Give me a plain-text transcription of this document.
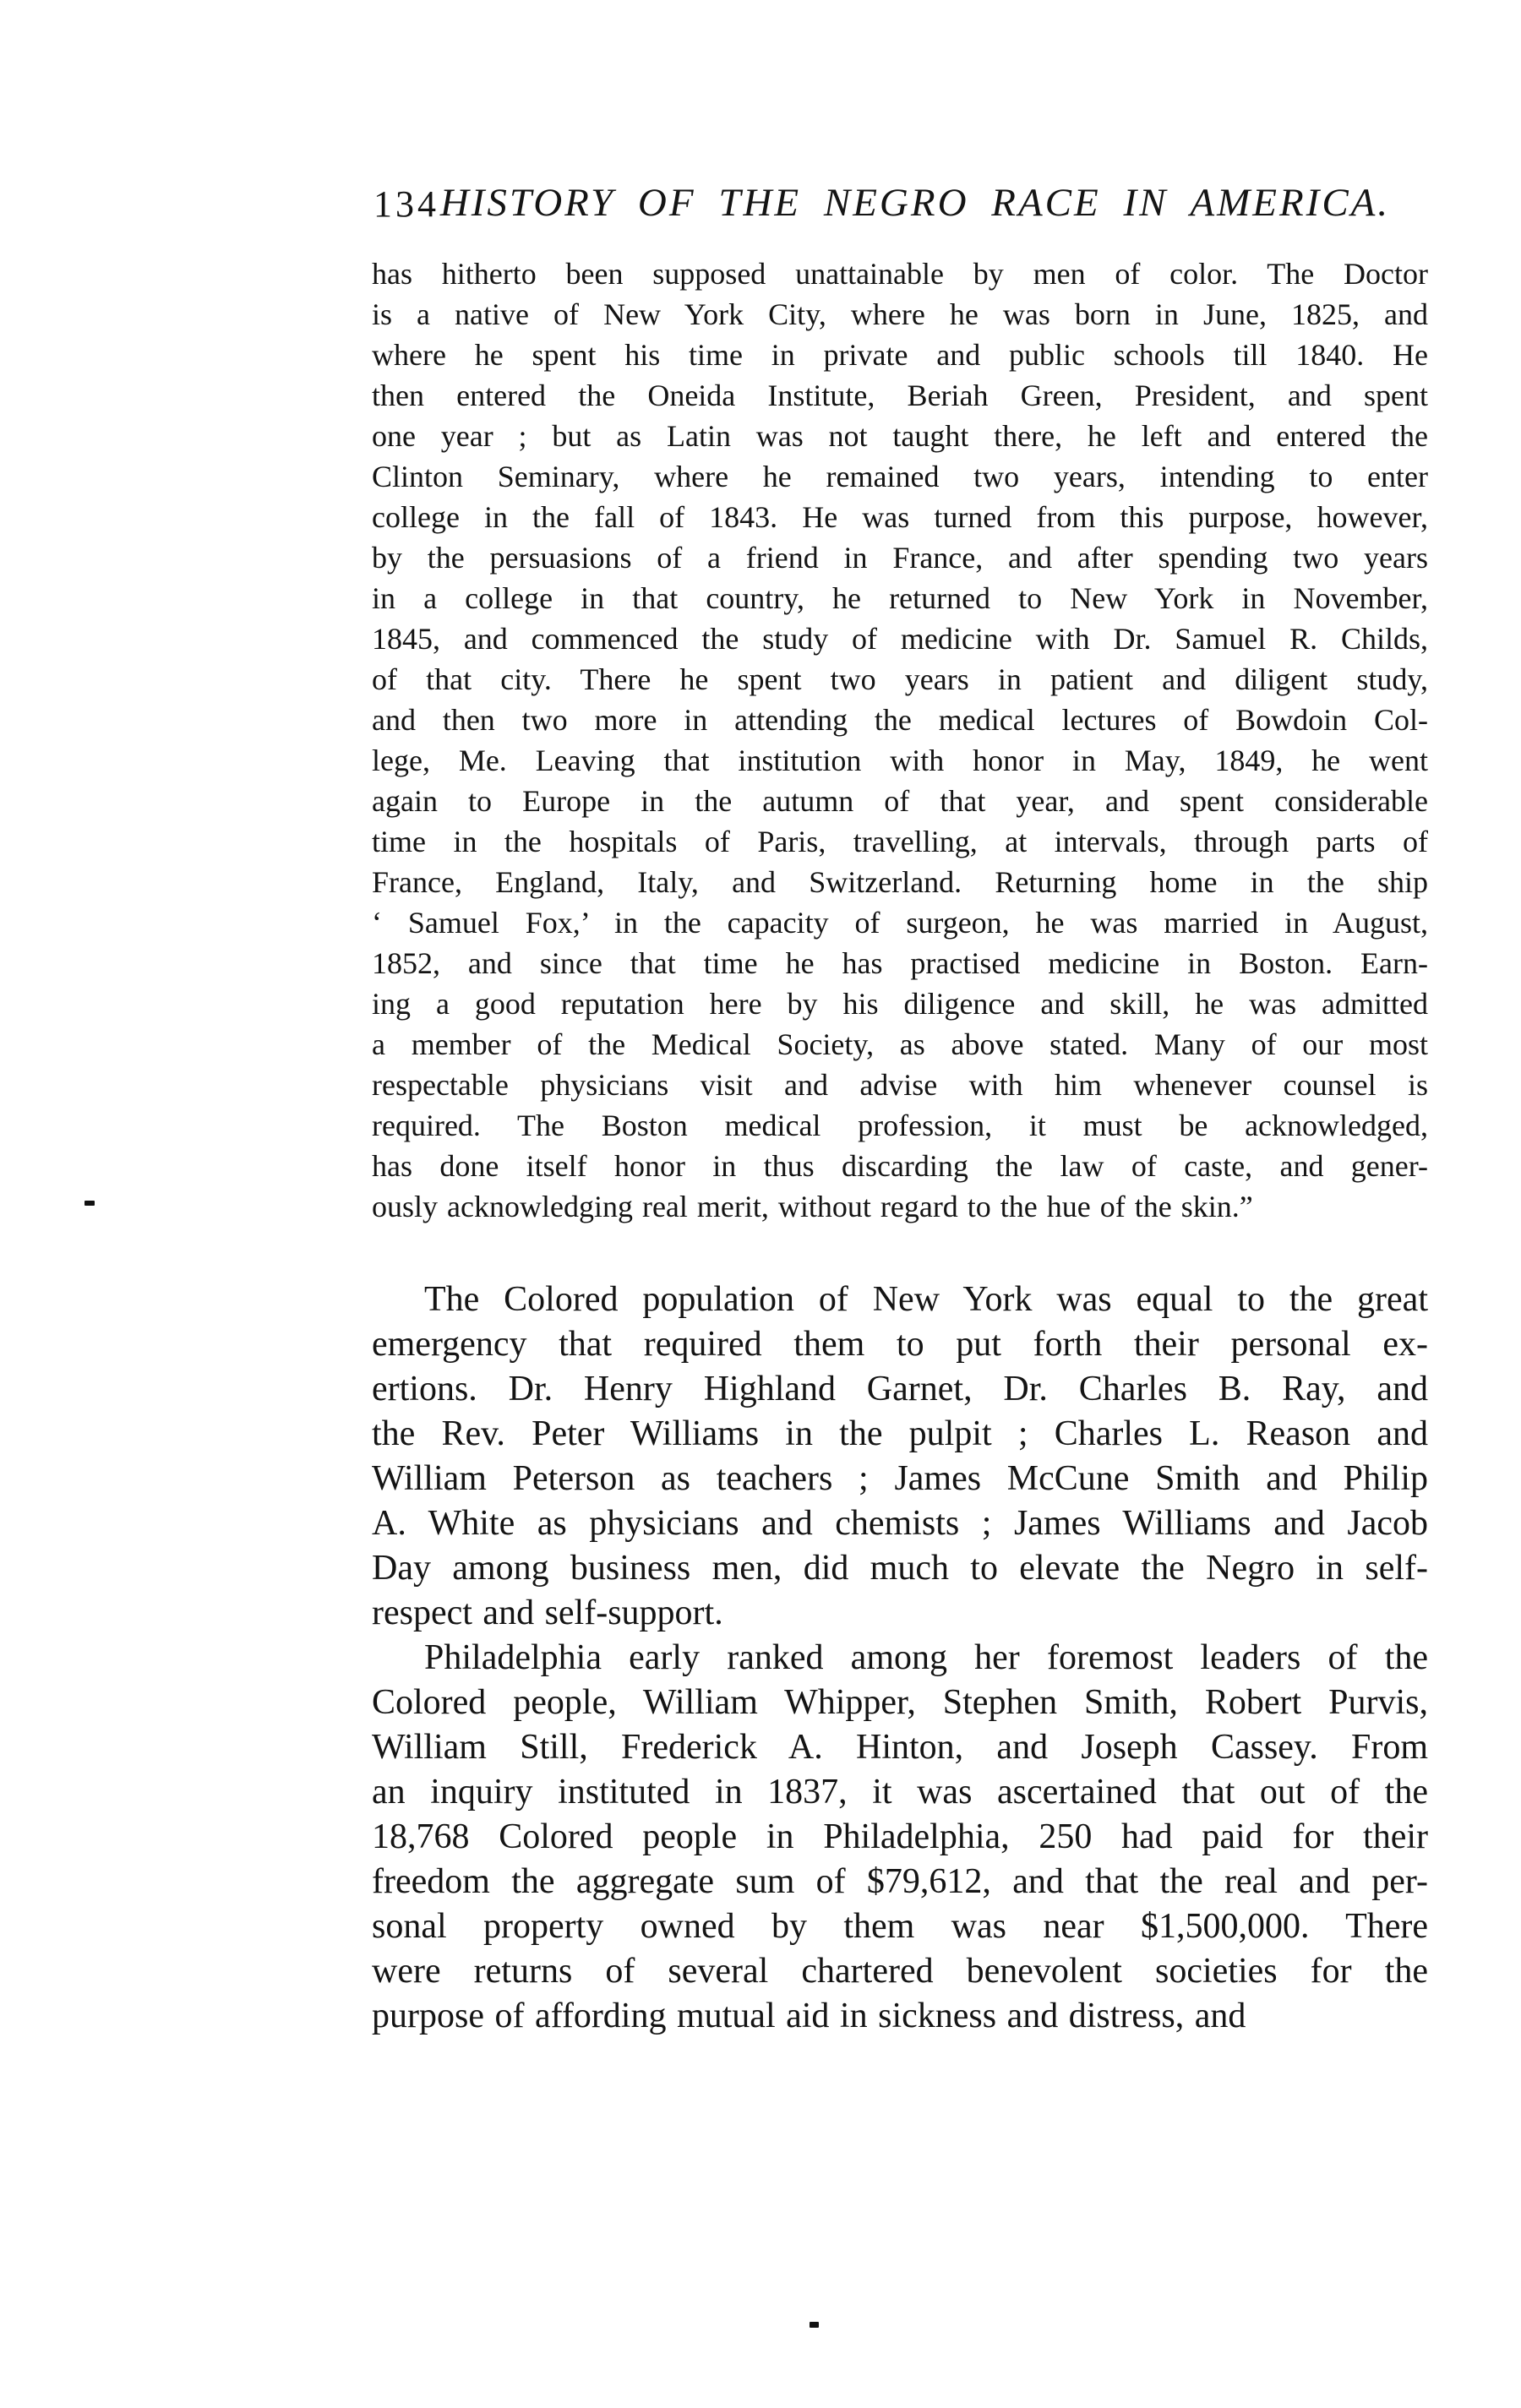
134 HISTORY OF THE NEGRO RACE IN AMERICA.
has hitherto been supposed unattainable by men of color. The Doctor
is a native of New York City, where he was born in June, 1825, and
where he spent his time in private and public schools till 1840. He
then entered the Oneida Institute, Beriah Green, President, and spent
one year ; but as Latin was not taught there, he left and entered the
Clinton Seminary, where he remained two years, intending to enter
college in the fall of 1843. He was turned from this purpose, however,
by the persuasions of a friend in France, and after spending two years
in a college in that country, he returned to New York in November,
1845, and commenced the study of medicine with Dr. Samuel R. Childs,
of that city. There he spent two years in patient and diligent study,
and then two more in attending the medical lectures of Bowdoin Col-
lege, Me. Leaving that institution with honor in May, 1849, he went
again to Europe in the autumn of that year, and spent considerable
time in the hospitals of Paris, travelling, at intervals, through parts of
France, England, Italy, and Switzerland. Returning home in the ship
‘ Samuel Fox,’ in the capacity of surgeon, he was married in August,
1852, and since that time he has practised medicine in Boston. Earn-
ing a good reputation here by his diligence and skill, he was admitted
a member of the Medical Society, as above stated. Many of our most
respectable physicians visit and advise with him whenever counsel is
required. The Boston medical profession, it must be acknowledged,
has done itself honor in thus discarding the law of caste, and gener-
ously acknowledging real merit, without regard to the hue of the skin.”
The Colored population of New York was equal to the great
emergency that required them to put forth their personal ex-
ertions. Dr. Henry Highland Garnet, Dr. Charles B. Ray, and
the Rev. Peter Williams in the pulpit ; Charles L. Reason and
William Peterson as teachers ; James McCune Smith and Philip
A. White as physicians and chemists ; James Williams and Jacob
Day among business men, did much to elevate the Negro in self-
respect and self-support.
Philadelphia early ranked among her foremost leaders of the
Colored people, William Whipper, Stephen Smith, Robert Purvis,
William Still, Frederick A. Hinton, and Joseph Cassey. From
an inquiry instituted in 1837, it was ascertained that out of the
18,768 Colored people in Philadelphia, 250 had paid for their
freedom the aggregate sum of $79,612, and that the real and per-
sonal property owned by them was near $1,500,000. There
were returns of several chartered benevolent societies for the
purpose of affording mutual aid in sickness and distress, and
